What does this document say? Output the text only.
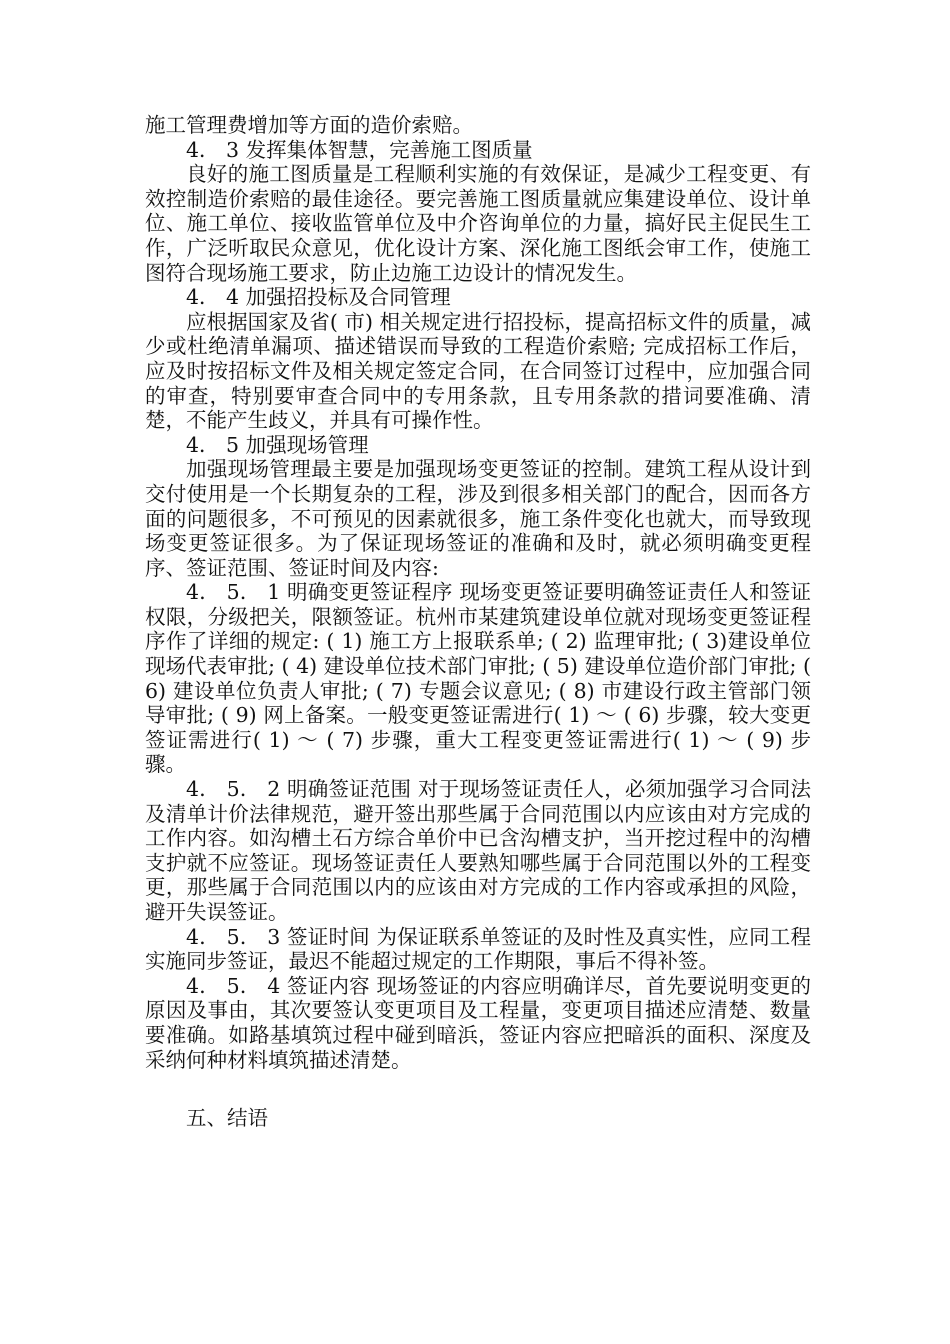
施工管理费增加等方面的造价索赔。

4． 3 发挥集体智慧，完善施工图质量

良好的施工图质量是工程顺利实施的有效保证，是减少工程变更、有效控制造价索赔的最佳途径。要完善施工图质量就应集建设单位、设计单位、施工单位、接收监管单位及中介咨询单位的力量，搞好民主促民生工作，广泛听取民众意见，优化设计方案、深化施工图纸会审工作，使施工图符合现场施工要求，防止边施工边设计的情况发生。

4． 4 加强招投标及合同管理

应根据国家及省( 市) 相关规定进行招投标，提高招标文件的质量，减少或杜绝清单漏项、描述错误而导致的工程造价索赔; 完成招标工作后，应及时按招标文件及相关规定签定合同，在合同签订过程中，应加强合同的审查，特别要审查合同中的专用条款，且专用条款的措词要准确、清楚，不能产生歧义，并具有可操作性。

4． 5 加强现场管理

加强现场管理最主要是加强现场变更签证的控制。建筑工程从设计到交付使用是一个长期复杂的工程，涉及到很多相关部门的配合，因而各方面的问题很多，不可预见的因素就很多，施工条件变化也就大，而导致现场变更签证很多。为了保证现场签证的准确和及时，就必须明确变更程序、签证范围、签证时间及内容:

4． 5． 1 明确变更签证程序 现场变更签证要明确签证责任人和签证权限，分级把关，限额签证。杭州市某建筑建设单位就对现场变更签证程序作了详细的规定: ( 1) 施工方上报联系单; ( 2) 监理审批; ( 3)建设单位现场代表审批; ( 4) 建设单位技术部门审批; ( 5) 建设单位造价部门审批; ( 6) 建设单位负责人审批; ( 7) 专题会议意见; ( 8) 市建设行政主管部门领导审批; ( 9) 网上备案。一般变更签证需进行( 1) ～ ( 6) 步骤，较大变更签证需进行( 1) ～ ( 7) 步骤，重大工程变更签证需进行( 1) ～ ( 9) 步骤。

4． 5． 2 明确签证范围 对于现场签证责任人，必须加强学习合同法及清单计价法律规范，避开签出那些属于合同范围以内应该由对方完成的工作内容。如沟槽土石方综合单价中已含沟槽支护，当开挖过程中的沟槽支护就不应签证。现场签证责任人要熟知哪些属于合同范围以外的工程变更，那些属于合同范围以内的应该由对方完成的工作内容或承担的风险，避开失误签证。

4． 5． 3 签证时间 为保证联系单签证的及时性及真实性，应同工程实施同步签证，最迟不能超过规定的工作期限，事后不得补签。

4． 5． 4 签证内容 现场签证的内容应明确详尽，首先要说明变更的原因及事由，其次要签认变更项目及工程量，变更项目描述应清楚、数量要准确。如路基填筑过程中碰到暗浜，签证内容应把暗浜的面积、深度及采纳何种材料填筑描述清楚。

五、结语
